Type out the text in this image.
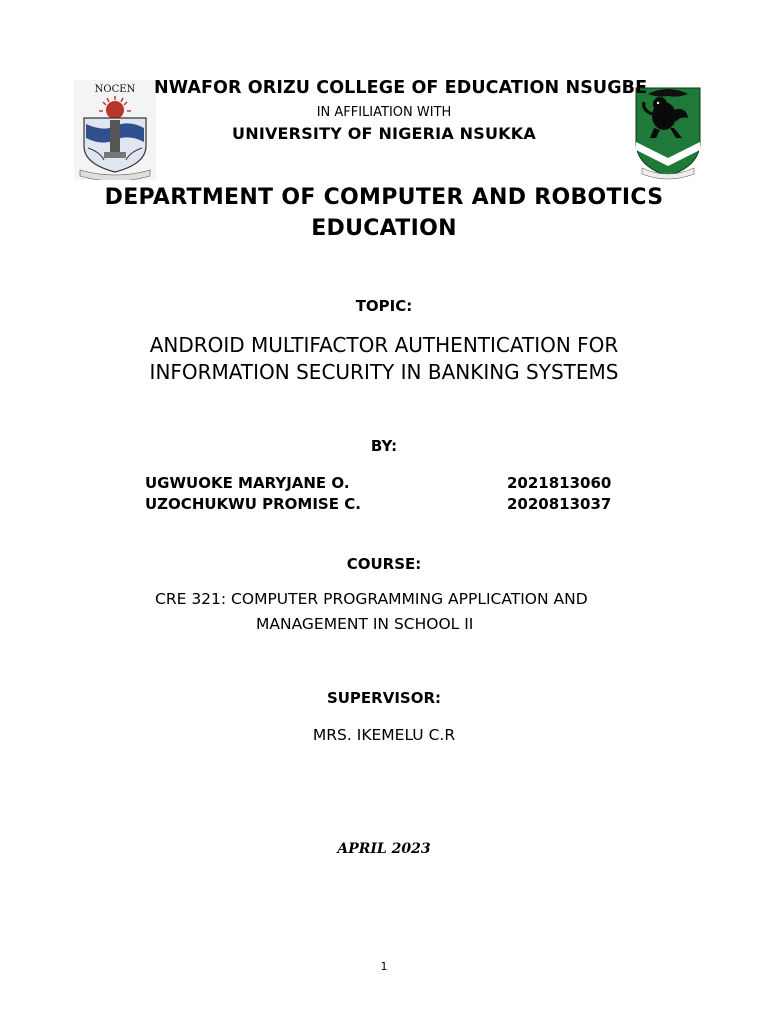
NOCEN NWAFOR ORIZU COLLEGE OF EDUCATION NSUGBE
IN AFFILIATION WITH
UNIVERSITY OF NIGERIA NSUKKA
DEPARTMENT OF COMPUTER AND ROBOTICS
EDUCATION
TOPIC:
ANDROID MULTIFACTOR AUTHENTICATION FOR
INFORMATION SECURITY IN BANKING SYSTEMS
BY:
UGWUOKE MARYJANE O.	2021813060
UZOCHUKWU PROMISE C.	2020813037
COURSE:
CRE 321: COMPUTER PROGRAMMING APPLICATION AND
MANAGEMENT IN SCHOOL II
SUPERVISOR:
MRS. IKEMELU C.R
APRIL 2023
1
